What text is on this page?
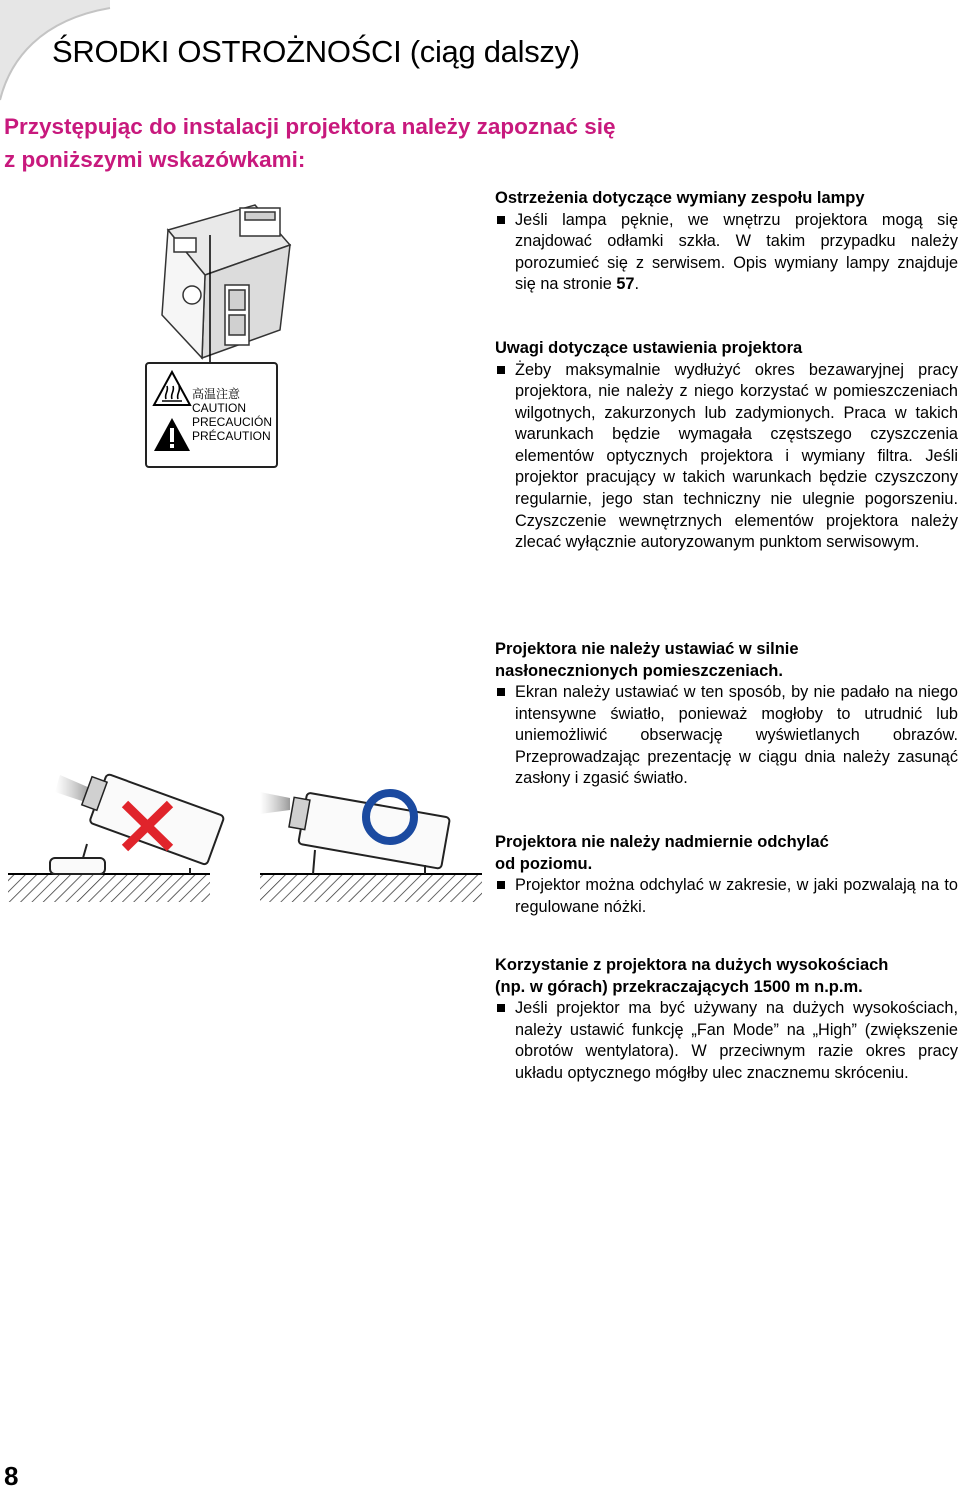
ŚRODKI OSTROŻNOŚCI (ciąg dalszy)
Przystępując do instalacji projektora należy zapoznać się
z poniższymi wskazówkami:
高温注意
CAUTION
PRECAUCIÓN
PRÉCAUTION
Ostrzeżenia dotyczące wymiany zespołu lampy

Jeśli lampa pęknie, we wnętrzu projektora mogą się znajdować odłamki szkła. W takim przypadku należy porozumieć się z serwisem. Opis wymiany lampy znajduje się na stronie 57.

Uwagi dotyczące ustawienia projektora

Żeby maksymalnie wydłużyć okres bezawaryjnej pracy projektora, nie należy z niego korzystać w pomieszczeniach wilgotnych, zakurzonych lub zadymionych. Praca w takich warunkach będzie wymagała częstszego czyszczenia elementów optycznych projektora i wymiany filtra. Jeśli projektor pracujący w takich warunkach będzie czyszczony regularnie, jego stan techniczny nie ulegnie pogorszeniu. Czyszczenie wewnętrznych elementów projektora należy zlecać wyłącznie autoryzowanym punktom serwisowym.

Projektora nie należy ustawiać w silnie
nasłonecznionych pomieszczeniach.

Ekran należy ustawiać w ten sposób, by nie padało na niego intensywne światło, ponieważ mogłoby to utrudnić lub uniemożliwić obserwację wyświetlanych obrazów. Przeprowadzając prezentację w ciągu dnia należy zasunąć zasłony i zgasić światło.

Projektora nie należy nadmiernie odchylać
od poziomu.

Projektor można odchylać w zakresie, w jaki pozwalają na to regulowane nóżki.

Korzystanie z projektora na dużych wysokościach
(np. w górach) przekraczających 1500 m n.p.m.

Jeśli projektor ma być używany na dużych wysokościach, należy ustawić funkcję „Fan Mode” na „High” (zwiększenie obrotów wentylatora). W przeciwnym razie okres pracy układu optycznego mógłby ulec znacznemu skróceniu.

8
